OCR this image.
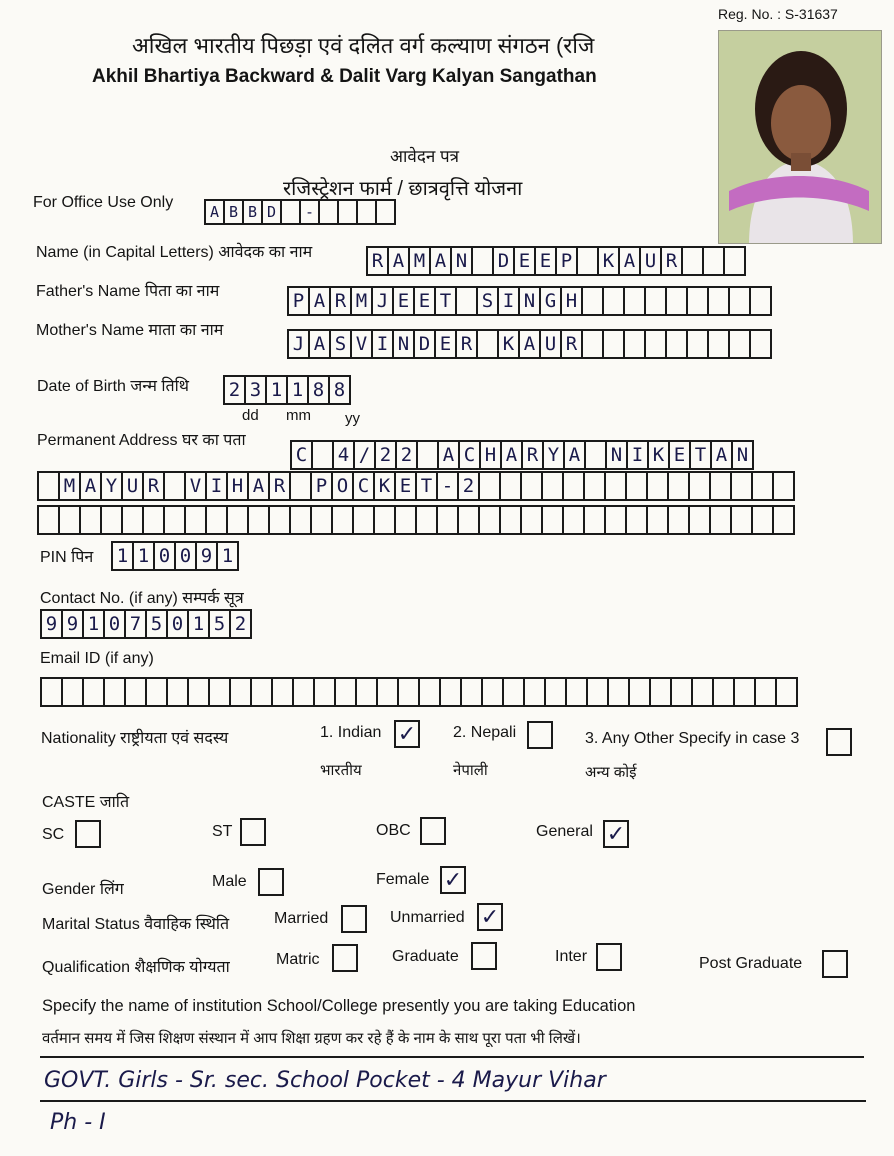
Reg. No. : S-31637
अखिल भारतीय पिछड़ा एवं दलित वर्ग कल्याण संगठन (रजि
Akhil Bhartiya Backward & Dalit Varg Kalyan Sangathan
आवेदन पत्र
रजिस्ट्रेशन फार्म / छात्रवृत्ति योजना
For Office Use Only	A B B D	-
Name (in Capital Letters) आवेदक का नाम	R A M A N	D E E P	K A U R
Father's Name पिता का नाम	P A R M J E E T	S I N G H
Mother's Name माता का नाम
J A S V I N D E R	K A U R
Date of Birth जन्म तिथि	2 3 1 1 8 8
dd mm yy
Permanent Address घर का पता
C	4 / 2 2	A C H A R Y A	N I K E T A N
M A Y U R	V I H A R	P O C K E T - 2
PIN पिन	1 1 0 0 9 1
Contact No. (if any) सम्पर्क सूत्र
9 9 1 0 7 5 0 1 5 2
Email ID (if any)
Nationality राष्ट्रीयता एवं सदस्य	1. Indian ✓
भारतीय
2. Nepali
नेपाली
3. Any Other Specify in case 3
अन्य कोई
CASTE जाति
SC	ST	OBC	General ✓
Gender लिंग	Male	Female ✓
Marital Status वैवाहिक स्थिति	Married	Unmarried ✓
Qualification शैक्षणिक योग्यता	Matric	Graduate	Inter	Post Graduate
Specify the name of institution School/College presently you are taking Education
वर्तमान समय में जिस शिक्षण संस्थान में आप शिक्षा ग्रहण कर रहे हैं के नाम के साथ पूरा पता भी लिखें।
GOVT. Girls - Sr. sec. School Pocket - 4 Mayur Vihar
Ph - I
